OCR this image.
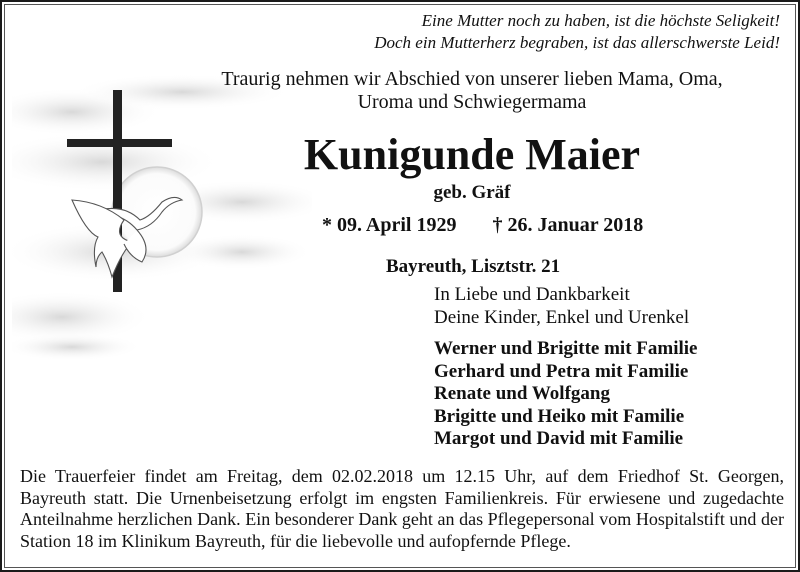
Eine Mutter noch zu haben, ist die höchste Seligkeit!
Doch ein Mutterherz begraben, ist das allerschwerste Leid!
Traurig nehmen wir Abschied von unserer lieben Mama, Oma,
Uroma und Schwiegermama
Kunigunde Maier
geb. Gräf
* 09. April 1929 † 26. Januar 2018
Bayreuth, Lisztstr. 21
In Liebe und Dankbarkeit
Deine Kinder, Enkel und Urenkel
Werner und Brigitte mit Familie
Gerhard und Petra mit Familie
Renate und Wolfgang
Brigitte und Heiko mit Familie
Margot und David mit Familie
Die Trauerfeier findet am Freitag, dem 02.02.2018 um 12.15 Uhr, auf dem Friedhof St. Georgen, Bayreuth statt. Die Urnenbeisetzung erfolgt im engsten Familienkreis. Für erwiesene und zugedachte Anteilnahme herzlichen Dank. Ein besonderer Dank geht an das Pflegepersonal vom Hospitalstift und der Station 18 im Klinikum Bayreuth, für die liebevolle und aufopfernde Pflege.
